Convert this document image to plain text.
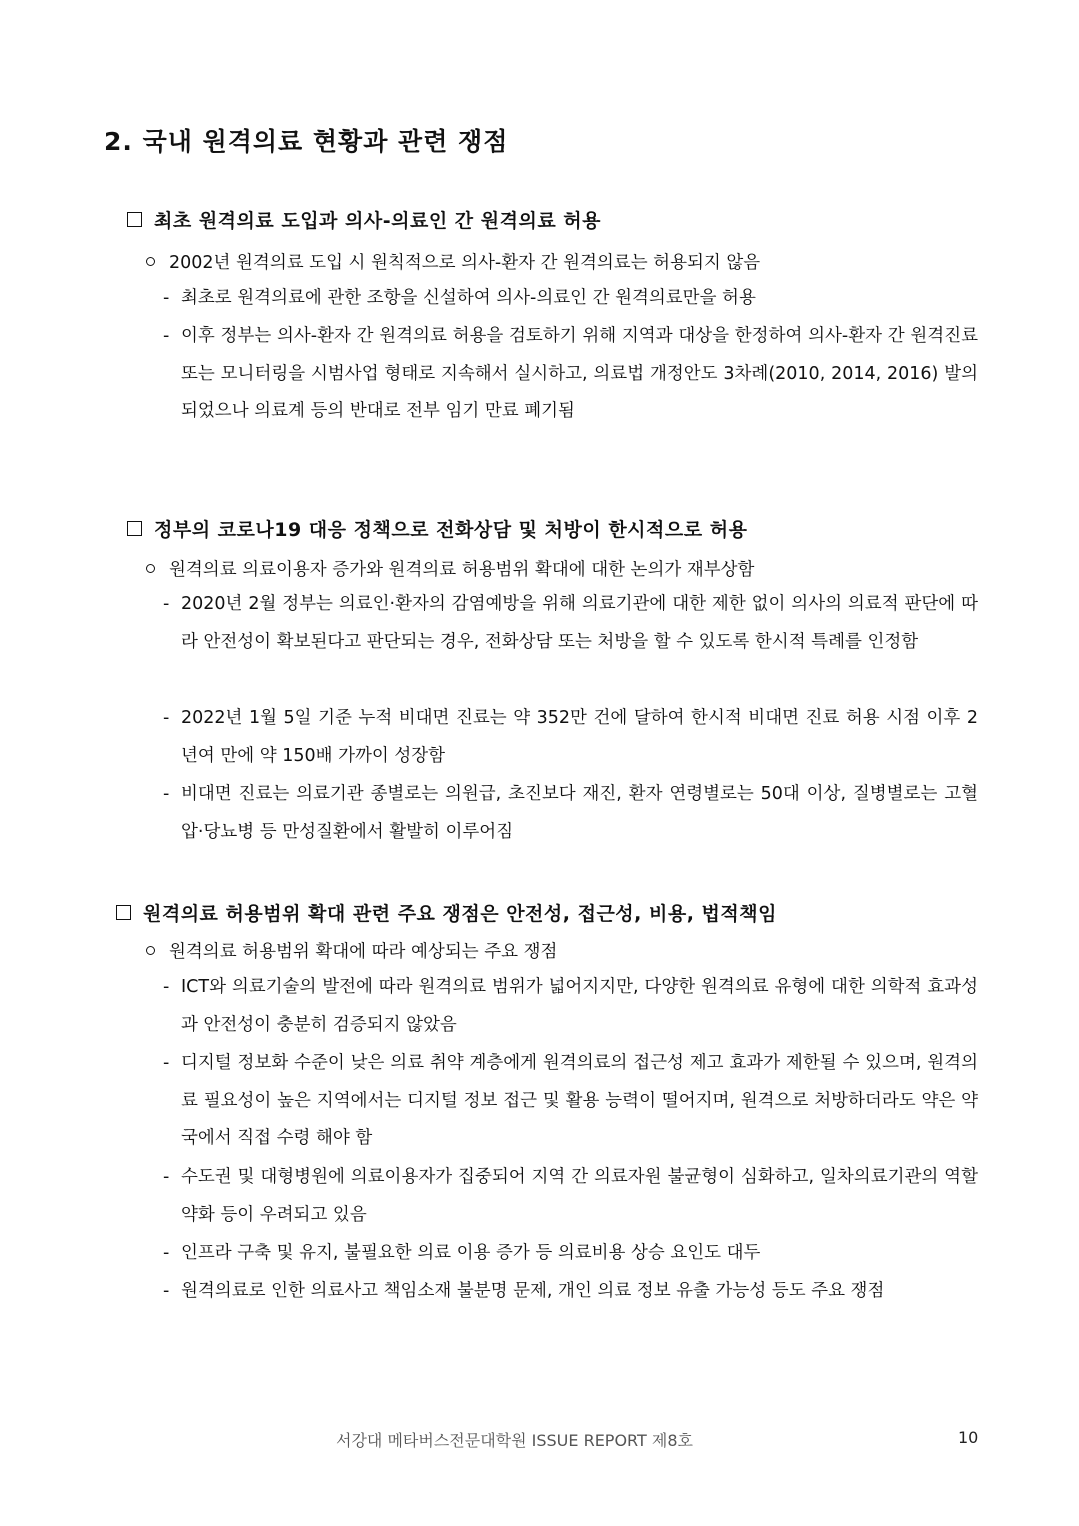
2. 국내 원격의료 현황과 관련 쟁점
최초 원격의료 도입과 의사-의료인 간 원격의료 허용
2002년 원격의료 도입 시 원칙적으로 의사-환자 간 원격의료는 허용되지 않음
- 최초로 원격의료에 관한 조항을 신설하여 의사-의료인 간 원격의료만을 허용
- 이후 정부는 의사-환자 간 원격의료 허용을 검토하기 위해 지역과 대상을 한정하여 의사-환자 간 원격진료 또는 모니터링을 시범사업 형태로 지속해서 실시하고, 의료법 개정안도 3차례(2010, 2014, 2016) 발의되었으나 의료계 등의 반대로 전부 임기 만료 폐기됨
정부의 코로나19 대응 정책으로 전화상담 및 처방이 한시적으로 허용
원격의료 의료이용자 증가와 원격의료 허용범위 확대에 대한 논의가 재부상함
- 2020년 2월 정부는 의료인·환자의 감염예방을 위해 의료기관에 대한 제한 없이 의사의 의료적 판단에 따라 안전성이 확보된다고 판단되는 경우, 전화상담 또는 처방을 할 수 있도록 한시적 특례를 인정함
- 2022년 1월 5일 기준 누적 비대면 진료는 약 352만 건에 달하여 한시적 비대면 진료 허용 시점 이후 2년여 만에 약 150배 가까이 성장함
- 비대면 진료는 의료기관 종별로는 의원급, 초진보다 재진, 환자 연령별로는 50대 이상, 질병별로는 고혈압·당뇨병 등 만성질환에서 활발히 이루어짐
원격의료 허용범위 확대 관련 주요 쟁점은 안전성, 접근성, 비용, 법적책임
원격의료 허용범위 확대에 따라 예상되는 주요 쟁점
- ICT와 의료기술의 발전에 따라 원격의료 범위가 넓어지지만, 다양한 원격의료 유형에 대한 의학적 효과성과 안전성이 충분히 검증되지 않았음
- 디지털 정보화 수준이 낮은 의료 취약 계층에게 원격의료의 접근성 제고 효과가 제한될 수 있으며, 원격의료 필요성이 높은 지역에서는 디지털 정보 접근 및 활용 능력이 떨어지며, 원격으로 처방하더라도 약은 약국에서 직접 수령 해야 함
- 수도권 및 대형병원에 의료이용자가 집중되어 지역 간 의료자원 불균형이 심화하고, 일차의료기관의 역할 약화 등이 우려되고 있음
- 인프라 구축 및 유지, 불필요한 의료 이용 증가 등 의료비용 상승 요인도 대두
- 원격의료로 인한 의료사고 책임소재 불분명 문제, 개인 의료 정보 유출 가능성 등도 주요 쟁점
서강대 메타버스전문대학원 ISSUE REPORT 제8호	10
